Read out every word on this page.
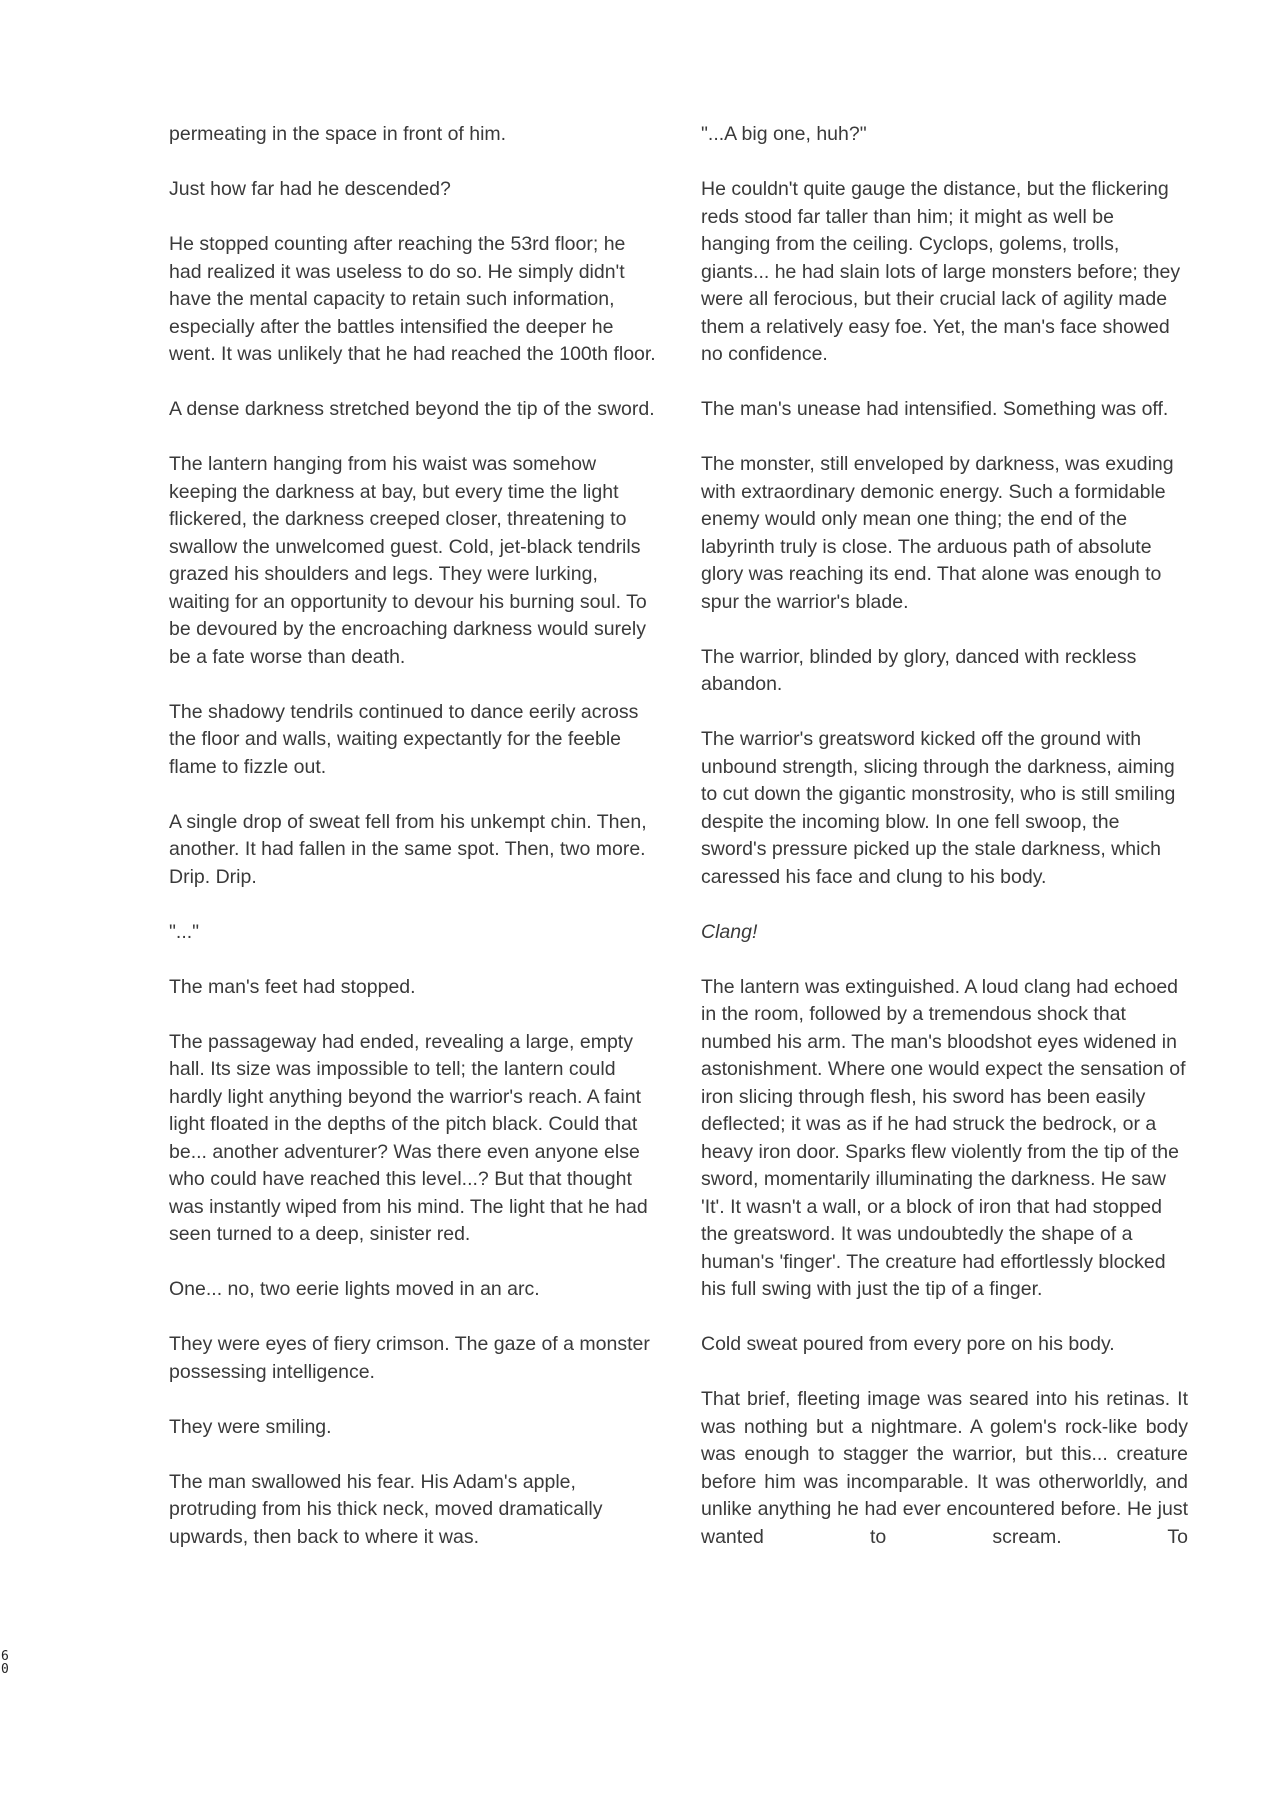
permeating in the space in front of him.

Just how far had he descended?

He stopped counting after reaching the 53rd floor; he had realized it was useless to do so. He simply didn't have the mental capacity to retain such information, especially after the battles intensified the deeper he went. It was unlikely that he had reached the 100th floor.

A dense darkness stretched beyond the tip of the sword.

The lantern hanging from his waist was somehow keeping the darkness at bay, but every time the light flickered, the darkness creeped closer, threatening to swallow the unwelcomed guest. Cold, jet-black tendrils grazed his shoulders and legs. They were lurking, waiting for an opportunity to devour his burning soul. To be devoured by the encroaching darkness would surely be a fate worse than death.

The shadowy tendrils continued to dance eerily across the floor and walls, waiting expectantly for the feeble flame to fizzle out.

A single drop of sweat fell from his unkempt chin. Then, another. It had fallen in the same spot. Then, two more. Drip. Drip.

"..."

The man's feet had stopped.

The passageway had ended, revealing a large, empty hall. Its size was impossible to tell; the lantern could hardly light anything beyond the warrior's reach. A faint light floated in the depths of the pitch black. Could that be... another adventurer? Was there even anyone else who could have reached this level...? But that thought was instantly wiped from his mind. The light that he had seen turned to a deep, sinister red.

One... no, two eerie lights moved in an arc.

They were eyes of fiery crimson. The gaze of a monster possessing intelligence.

They were smiling.

The man swallowed his fear. His Adam's apple, protruding from his thick neck, moved dramatically upwards, then back to where it was.

"...A big one, huh?"

He couldn't quite gauge the distance, but the flickering reds stood far taller than him; it might as well be hanging from the ceiling. Cyclops, golems, trolls, giants... he had slain lots of large monsters before; they were all ferocious, but their crucial lack of agility made them a relatively easy foe. Yet, the man's face showed no confidence.

The man's unease had intensified. Something was off.

The monster, still enveloped by darkness, was exuding with extraordinary demonic energy. Such a formidable enemy would only mean one thing; the end of the labyrinth truly is close. The arduous path of absolute glory was reaching its end. That alone was enough to spur the warrior's blade.

The warrior, blinded by glory, danced with reckless abandon.

The warrior's greatsword kicked off the ground with unbound strength, slicing through the darkness, aiming to cut down the gigantic monstrosity, who is still smiling despite the incoming blow. In one fell swoop, the sword's pressure picked up the stale darkness, which caressed his face and clung to his body.

Clang!

The lantern was extinguished. A loud clang had echoed in the room, followed by a tremendous shock that numbed his arm. The man's bloodshot eyes widened in astonishment. Where one would expect the sensation of iron slicing through flesh, his sword has been easily deflected; it was as if he had struck the bedrock, or a heavy iron door. Sparks flew violently from the tip of the sword, momentarily illuminating the darkness. He saw 'It'. It wasn't a wall, or a block of iron that had stopped the greatsword. It was undoubtedly the shape of a human's 'finger'. The creature had effortlessly blocked his full swing with just the tip of a finger.

Cold sweat poured from every pore on his body.

That brief, fleeting image was seared into his retinas. It was nothing but a nightmare. A golem's rock-like body was enough to stagger the warrior, but this... creature before him was incomparable. It was otherworldly, and unlike anything he had ever encountered before. He just wanted to scream. To

60
